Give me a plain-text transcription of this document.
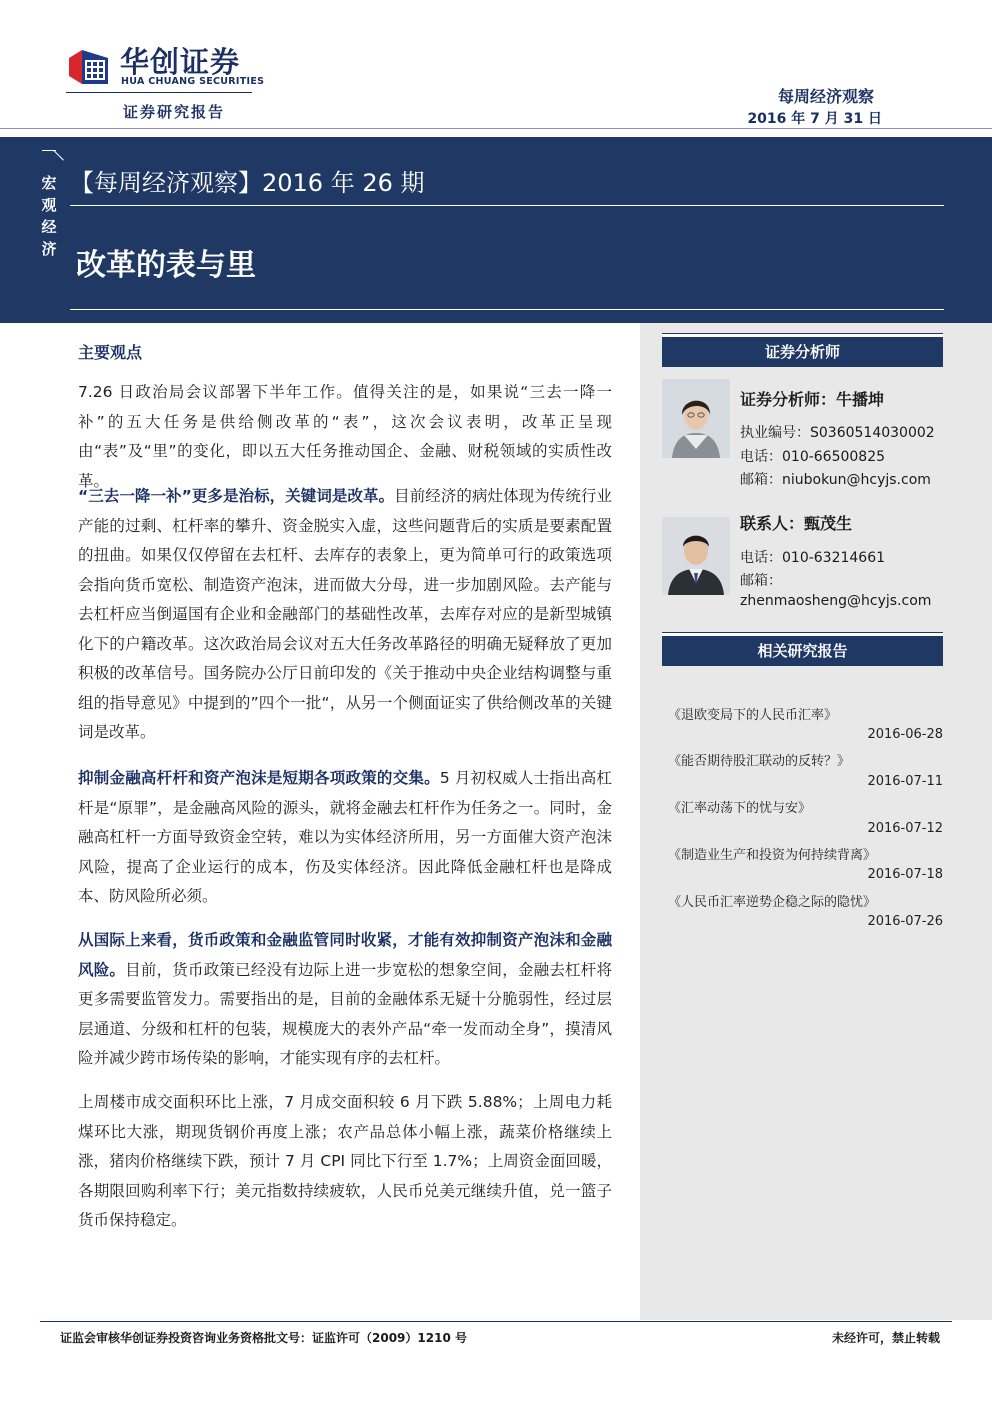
华创证券
HUA CHUANG SECURITIES
证券研究报告
每周经济观察
2016 年 7 月 31 日
宏观经济
【每周经济观察】2016 年 26 期
改革的表与里
证券分析师
证券分析师：牛播坤
执业编号：S0360514030002
电话：010-66500825
邮箱：niubokun@hcyjs.com
联系人：甄茂生
电话：010-63214661
邮箱：
zhenmaosheng@hcyjs.com
相关研究报告
《退欧变局下的人民币汇率》
2016-06-28
《能否期待股汇联动的反转？》
2016-07-11
《汇率动荡下的忧与安》
2016-07-12
《制造业生产和投资为何持续背离》
2016-07-18
《人民币汇率逆势企稳之际的隐忧》
2016-07-26
主要观点
7.26 日政治局会议部署下半年工作。值得关注的是，如果说“三去一降一补”的五大任务是供给侧改革的“表”，这次会议表明，改革正呈现由“表”及“里”的变化，即以五大任务推动国企、金融、财税领域的实质性改革。
“三去一降一补”更多是治标，关键词是改革。目前经济的病灶体现为传统行业产能的过剩、杠杆率的攀升、资金脱实入虚，这些问题背后的实质是要素配置的扭曲。如果仅仅停留在去杠杆、去库存的表象上，更为简单可行的政策选项会指向货币宽松、制造资产泡沫，进而做大分母，进一步加剧风险。去产能与去杠杆应当倒逼国有企业和金融部门的基础性改革，去库存对应的是新型城镇化下的户籍改革。这次政治局会议对五大任务改革路径的明确无疑释放了更加积极的改革信号。国务院办公厅日前印发的《关于推动中央企业结构调整与重组的指导意见》中提到的”四个一批“，从另一个侧面证实了供给侧改革的关键词是改革。
抑制金融高杆杆和资产泡沫是短期各项政策的交集。5 月初权威人士指出高杠杆是“原罪”，是金融高风险的源头，就将金融去杠杆作为任务之一。同时，金融高杠杆一方面导致资金空转，难以为实体经济所用，另一方面催大资产泡沫风险，提高了企业运行的成本，伤及实体经济。因此降低金融杠杆也是降成本、防风险所必须。
从国际上来看，货币政策和金融监管同时收紧，才能有效抑制资产泡沫和金融风险。目前，货币政策已经没有边际上进一步宽松的想象空间，金融去杠杆将更多需要监管发力。需要指出的是，目前的金融体系无疑十分脆弱性，经过层层通道、分级和杠杆的包装，规模庞大的表外产品“牵一发而动全身”，摸清风险并减少跨市场传染的影响，才能实现有序的去杠杆。
上周楼市成交面积环比上涨，7 月成交面积较 6 月下跌 5.88%；上周电力耗煤环比大涨，期现货钢价再度上涨；农产品总体小幅上涨，蔬菜价格继续上涨，猪肉价格继续下跌，预计 7 月 CPI 同比下行至 1.7%；上周资金面回暖，各期限回购利率下行；美元指数持续疲软，人民币兑美元继续升值，兑一篮子货币保持稳定。
证监会审核华创证券投资咨询业务资格批文号：证监许可（2009）1210 号	未经许可，禁止转载
